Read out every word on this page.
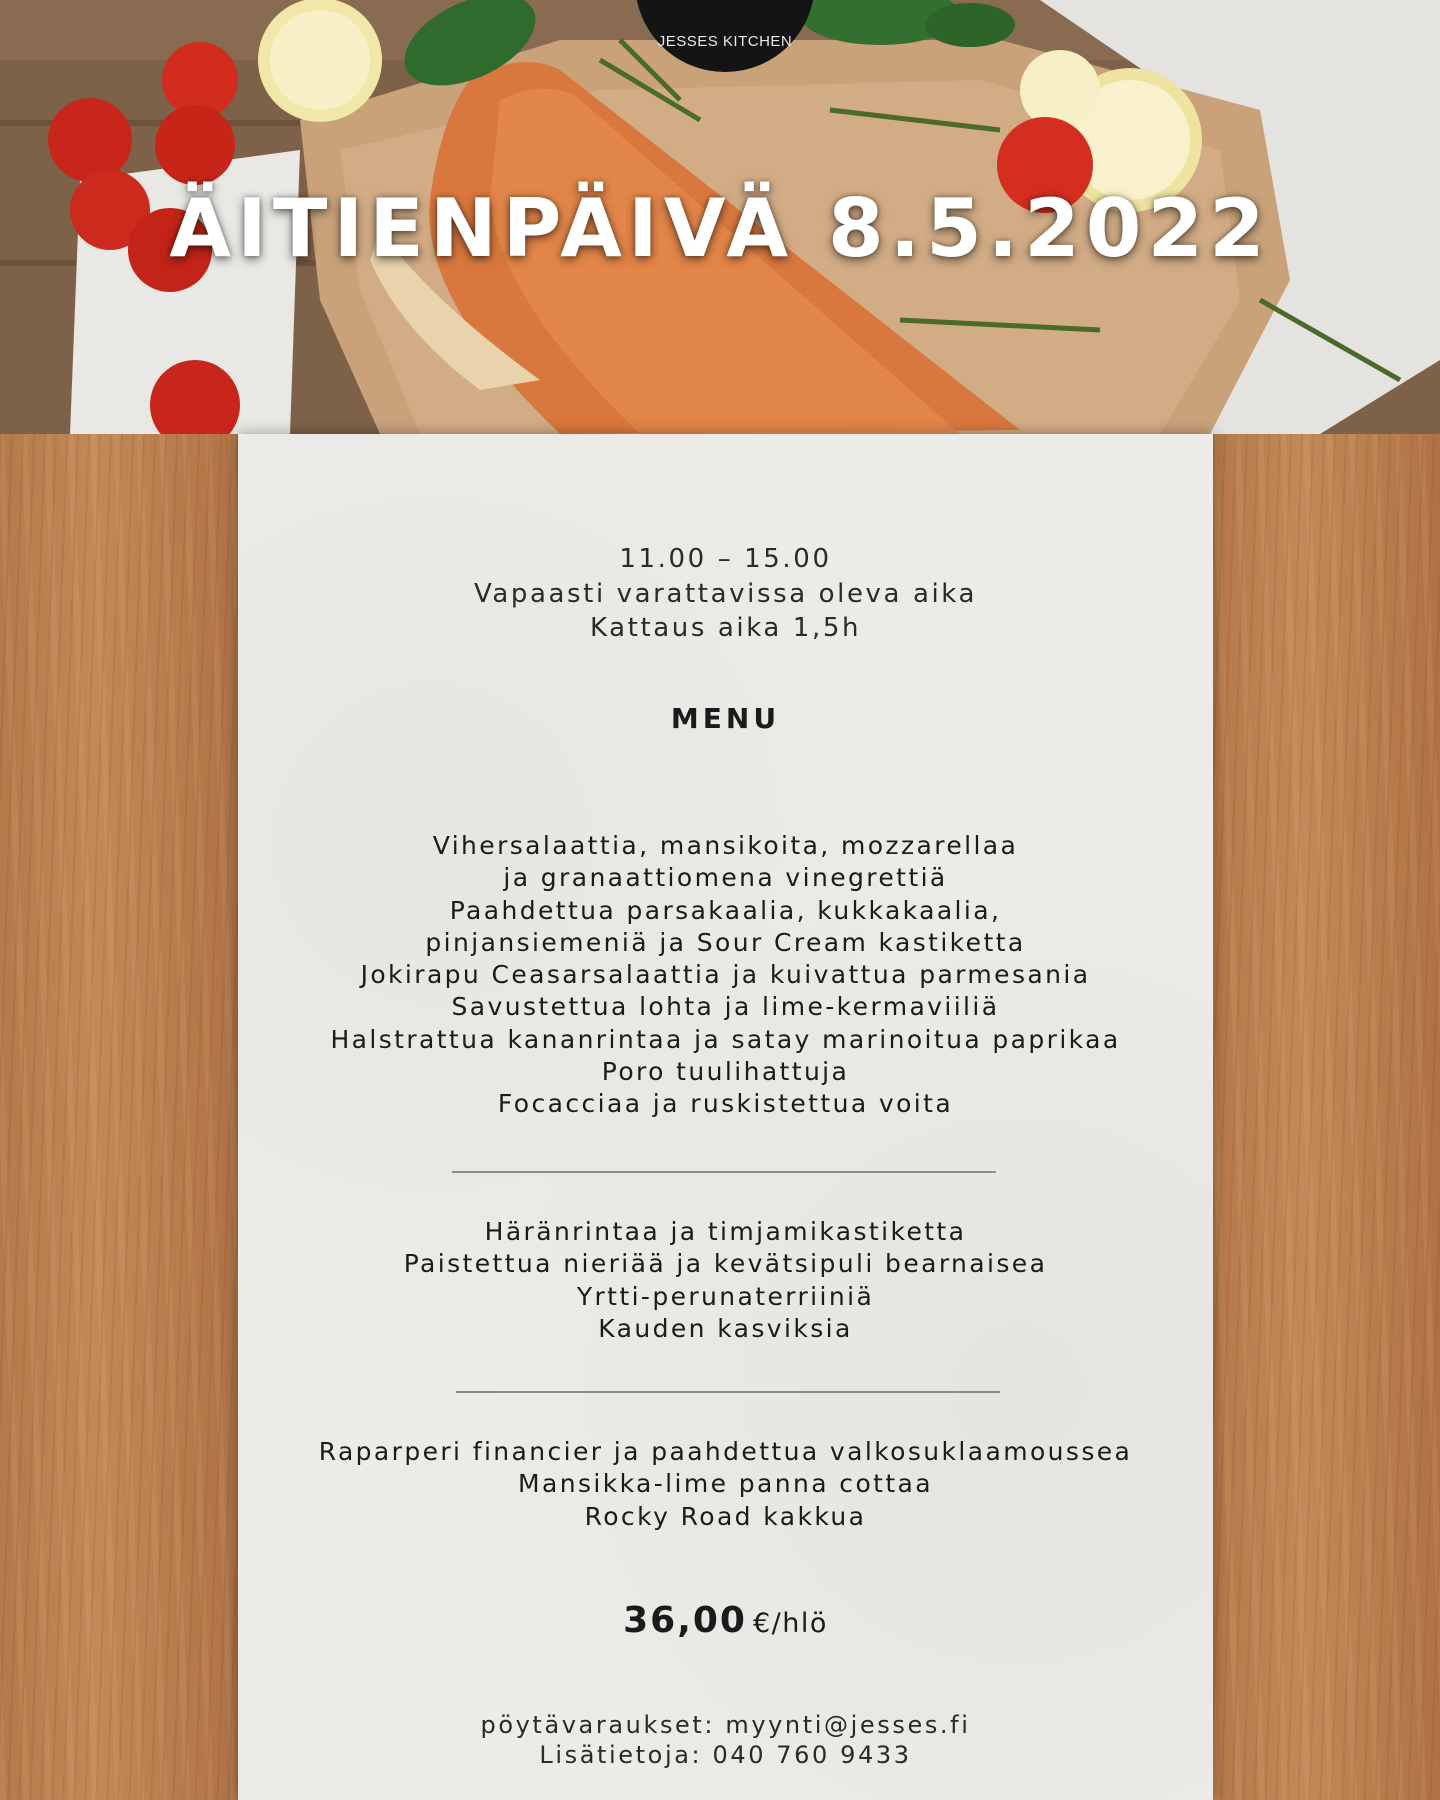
JESSES KITCHEN
ÄITIENPÄIVÄ 8.5.2022
11.00 – 15.00
Vapaasti varattavissa oleva aika
Kattaus aika 1,5h
MENU
Vihersalaattia, mansikoita, mozzarellaa
ja granaattiomena vinegrettiä
Paahdettua parsakaalia, kukkakaalia,
pinjansiemeniä ja Sour Cream kastiketta
Jokirapu Ceasarsalaattia ja kuivattua parmesania
Savustettua lohta ja lime-kermaviiliä
Halstrattua kananrintaa ja satay marinoitua paprikaa
Poro tuulihattuja
Focacciaa ja ruskistettua voita
Häränrintaa ja timjamikastiketta
Paistettua nieriää ja kevätsipuli bearnaisea
Yrtti-perunaterriiniä
Kauden kasviksia
Raparperi financier ja paahdettua valkosuklaamoussea
Mansikka-lime panna cottaa
Rocky Road kakkua
36,00 €/hlö
pöytävaraukset: myynti@jesses.fi
Lisätietoja: 040 760 9433
